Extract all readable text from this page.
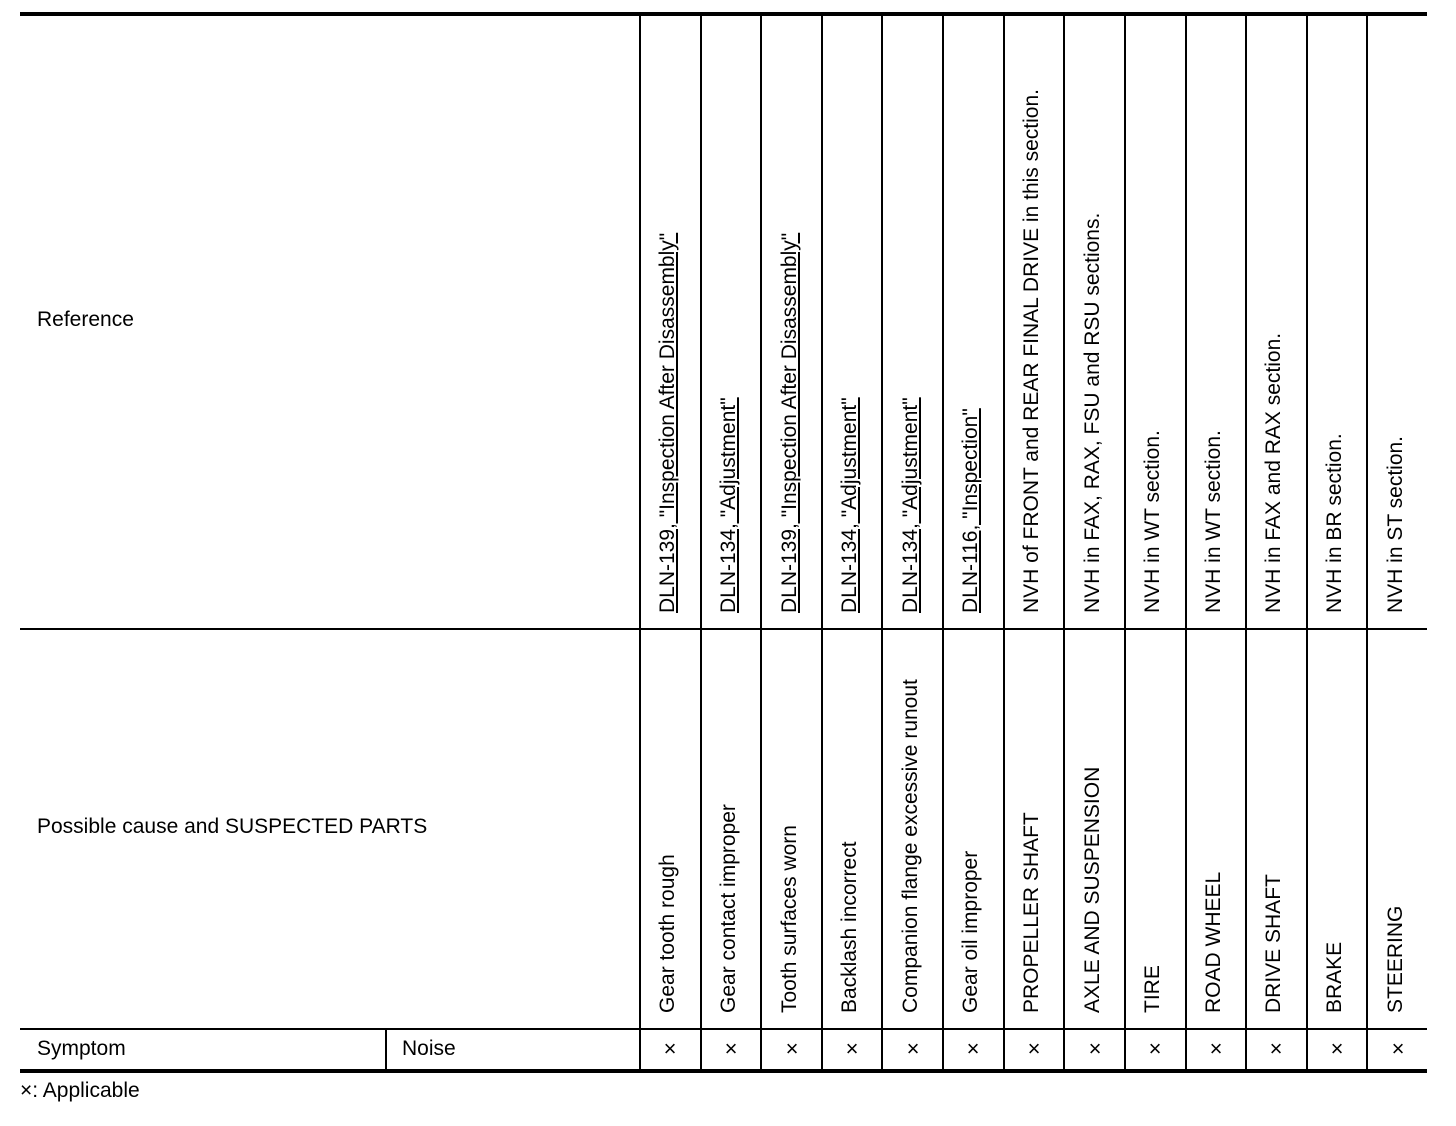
Reference
Possible cause and SUSPECTED PARTS
Symptom	Noise
DLN-139, "Inspection After Disassembly"
Gear tooth rough
×
DLN-134, "Adjustment"
Gear contact improper
×
DLN-139, "Inspection After Disassembly"
Tooth surfaces worn
×
DLN-134, "Adjustment"
Backlash incorrect
×
DLN-134, "Adjustment"
Companion flange excessive runout
×
DLN-116, "Inspection"
Gear oil improper
×
NVH of FRONT and REAR FINAL DRIVE in this section.
PROPELLER SHAFT
×
NVH in FAX, RAX, FSU and RSU sections.
AXLE AND SUSPENSION
×
NVH in WT section.
TIRE
×
NVH in WT section.
ROAD WHEEL
×
NVH in FAX and RAX section.
DRIVE SHAFT
×
NVH in BR section.
BRAKE
×
NVH in ST section.
STEERING
×
×: Applicable
